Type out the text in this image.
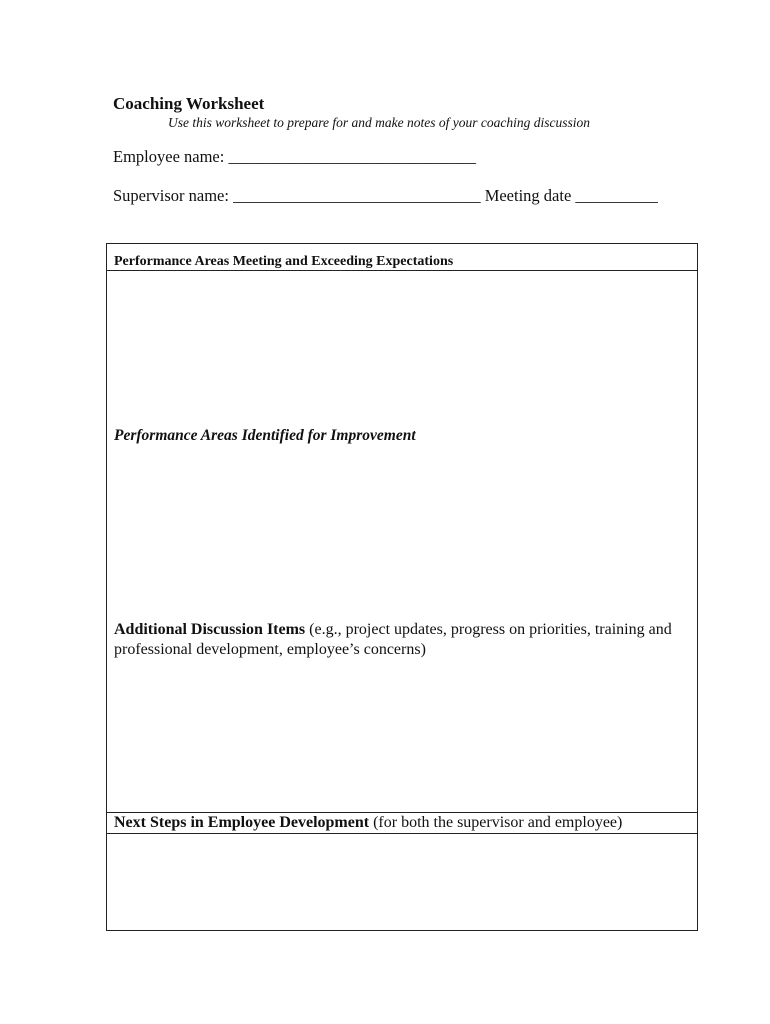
Coaching Worksheet
Use this worksheet to prepare for and make notes of your coaching discussion
Employee name: ______________________________
Supervisor name: ______________________________ Meeting date __________
Performance Areas Meeting and Exceeding Expectations
Performance Areas Identified for Improvement
Additional Discussion Items (e.g., project updates, progress on priorities, training and professional development, employee’s concerns)
Next Steps in Employee Development (for both the supervisor and employee)
